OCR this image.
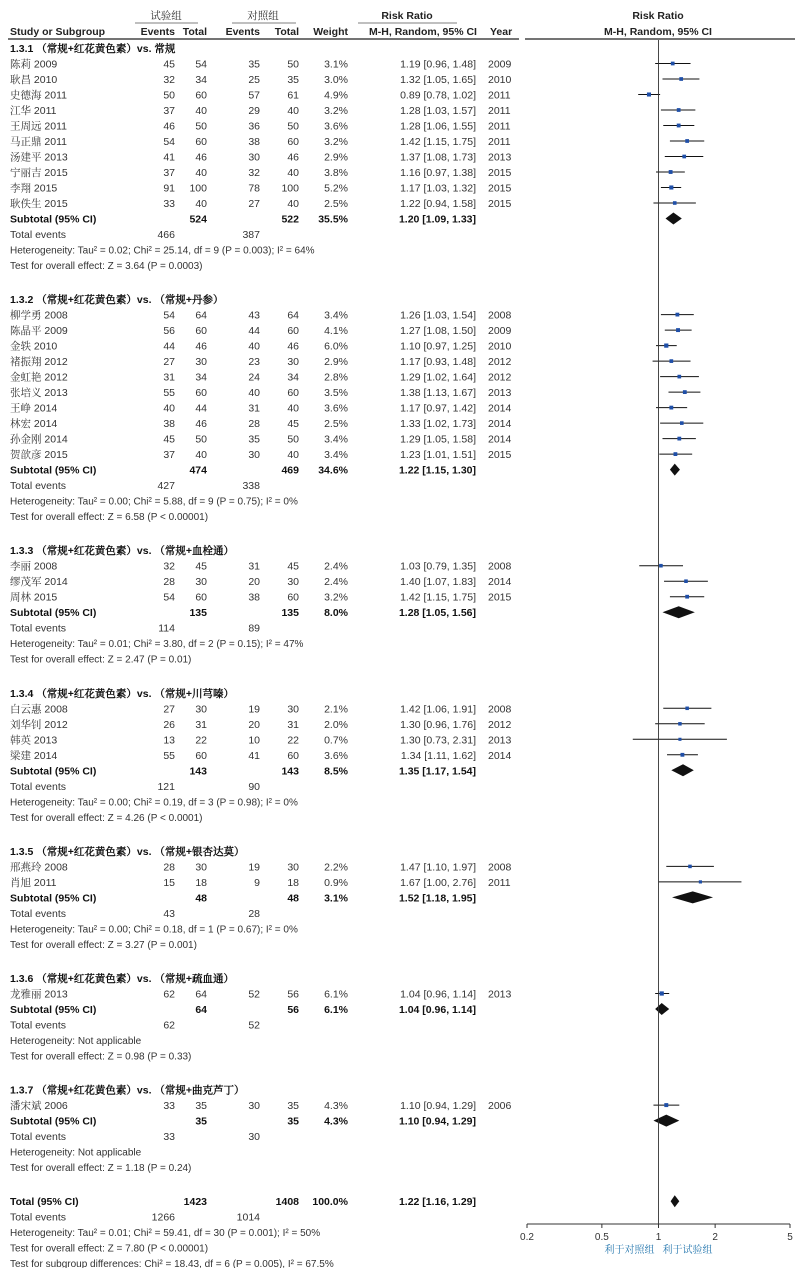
试验组	对照组	Risk Ratio	Risk Ratio
Study or Subgroup	Events Total Events Total Weight M-H, Random, 95% CI Year	M-H, Random, 95% CI
1.3.1 （常规+红花黄色素）vs. 常规
陈莉 2009	45 54	35	50 3.1%	1.19 [0.96, 1.48] 2009
耿昌 2010	32 34	25	35 3.0%	1.32 [1.05, 1.65] 2010
史德海 2011	50 60	57	61 4.9%	0.89 [0.78, 1.02] 2011
江华 2011	37 40	29	40 3.2%	1.28 [1.03, 1.57] 2011
王周远 2011	46 50	36	50 3.6%	1.28 [1.06, 1.55] 2011
马正鼎 2011	54 60	38	60 3.2%	1.42 [1.15, 1.75] 2011
汤建平 2013	41 46	30	46 2.9%	1.37 [1.08, 1.73] 2013
宁丽吉 2015	37 40	32	40 3.8%	1.16 [0.97, 1.38] 2015
李翔 2015	91 100	78 100 5.2%	1.17 [1.03, 1.32] 2015
耿佚生 2015	33 40	27	40 2.5%	1.22 [0.94, 1.58] 2015
Subtotal (95% CI)	524	522 35.5%	1.20 [1.09, 1.33]
Total events	466	387
Heterogeneity: Tau² = 0.02; Chi² = 25.14, df = 9 (P = 0.003); I² = 64%
Test for overall effect: Z = 3.64 (P = 0.0003)
1.3.2 （常规+红花黄色素）vs. （常规+丹参）
柳学勇 2008	54 64	43	64 3.4%	1.26 [1.03, 1.54] 2008
陈晶平 2009	56 60	44	60 4.1%	1.27 [1.08, 1.50] 2009
金轶 2010	44 46	40	46 6.0%	1.10 [0.97, 1.25] 2010
褚振翔 2012	27 30	23	30 2.9%	1.17 [0.93, 1.48] 2012
金虹艳 2012	31 34	24	34 2.8%	1.29 [1.02, 1.64] 2012
张培义 2013	55 60	40	60 3.5%	1.38 [1.13, 1.67] 2013
王峥 2014	40 44	31	40 3.6%	1.17 [0.97, 1.42] 2014
林宏 2014	38 46	28	45 2.5%	1.33 [1.02, 1.73] 2014
孙金刚 2014	45 50	35	50 3.4%	1.29 [1.05, 1.58] 2014
贺歆彦 2015	37 40	30	40 3.4%	1.23 [1.01, 1.51] 2015
Subtotal (95% CI)	474	469 34.6%	1.22 [1.15, 1.30]
Total events	427	338
Heterogeneity: Tau² = 0.00; Chi² = 5.88, df = 9 (P = 0.75); I² = 0%
Test for overall effect: Z = 6.58 (P < 0.00001)
1.3.3 （常规+红花黄色素）vs. （常规+血栓通）
李丽 2008	32 45	31	45 2.4%	1.03 [0.79, 1.35] 2008
缪茂军 2014	28 30	20	30 2.4%	1.40 [1.07, 1.83] 2014
周林 2015	54 60	38	60 3.2%	1.42 [1.15, 1.75] 2015
Subtotal (95% CI)	135	135 8.0%	1.28 [1.05, 1.56]
Total events	114	89
Heterogeneity: Tau² = 0.01; Chi² = 3.80, df = 2 (P = 0.15); I² = 47%
Test for overall effect: Z = 2.47 (P = 0.01)
1.3.4 （常规+红花黄色素）vs. （常规+川芎嗪）
白云惠 2008	27 30	19	30 2.1%	1.42 [1.06, 1.91] 2008
刘华钊 2012	26 31	20	31 2.0%	1.30 [0.96, 1.76] 2012
韩英 2013	13 22	10	22 0.7%	1.30 [0.73, 2.31] 2013
梁建 2014	55 60	41	60 3.6%	1.34 [1.11, 1.62] 2014
Subtotal (95% CI)	143	143 8.5%	1.35 [1.17, 1.54]
Total events	121	90
Heterogeneity: Tau² = 0.00; Chi² = 0.19, df = 3 (P = 0.98); I² = 0%
Test for overall effect: Z = 4.26 (P < 0.0001)
1.3.5 （常规+红花黄色素）vs. （常规+银杏达莫）
邢燕玲 2008	28 30	19	30 2.2%	1.47 [1.10, 1.97] 2008
肖旭 2011	15 18	9	18 0.9%	1.67 [1.00, 2.76] 2011
Subtotal (95% CI)	48	48 3.1%	1.52 [1.18, 1.95]
Total events	43	28
Heterogeneity: Tau² = 0.00; Chi² = 0.18, df = 1 (P = 0.67); I² = 0%
Test for overall effect: Z = 3.27 (P = 0.001)
1.3.6 （常规+红花黄色素）vs. （常规+疏血通）
龙雅丽 2013	62 64	52	56 6.1%	1.04 [0.96, 1.14] 2013
Subtotal (95% CI)	64	56 6.1%	1.04 [0.96, 1.14]
Total events	62	52
Heterogeneity: Not applicable
Test for overall effect: Z = 0.98 (P = 0.33)
1.3.7 （常规+红花黄色素）vs. （常规+曲克芦丁）
潘宋斌 2006	33 35	30	35 4.3%	1.10 [0.94, 1.29] 2006
Subtotal (95% CI)	35	35 4.3%	1.10 [0.94, 1.29]
Total events	33	30
Heterogeneity: Not applicable
Test for overall effect: Z = 1.18 (P = 0.24)
Total (95% CI)	1423	1408 100.0%	1.22 [1.16, 1.29]
Total events	1266	1014
Heterogeneity: Tau² = 0.01; Chi² = 59.41, df = 30 (P = 0.001); I² = 50%
Test for overall effect: Z = 7.80 (P < 0.00001)
Test for subgroup differences: Chi² = 18.43, df = 6 (P = 0.005), I² = 67.5%
0.2	0.5	1	2	5
利于对照组 利于试验组
